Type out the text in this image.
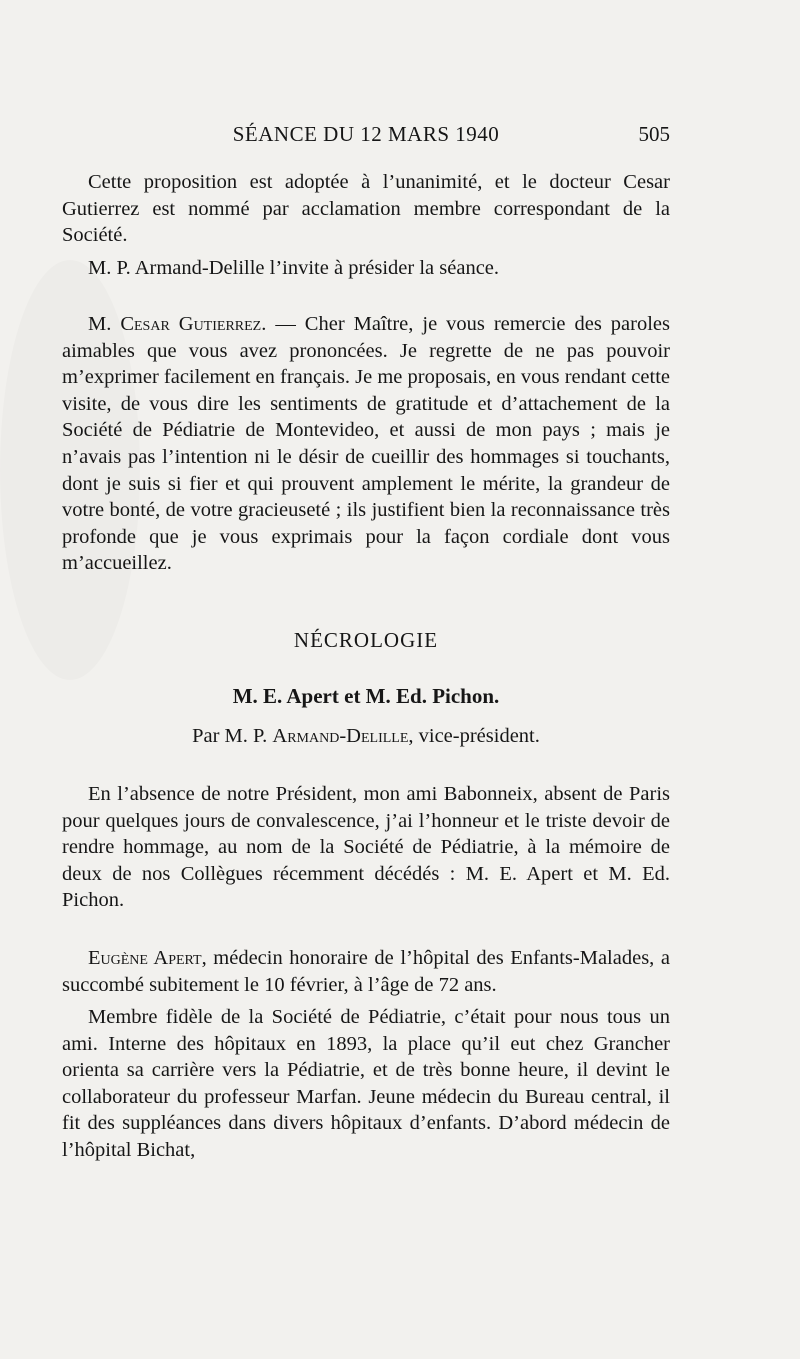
SÉANCE DU 12 MARS 1940	505

Cette proposition est adoptée à l’unanimité, et le docteur Cesar Gutierrez est nommé par acclamation membre correspondant de la Société.

M. P. Armand-Delille l’invite à présider la séance.

M. Cesar Gutierrez. — Cher Maître, je vous remercie des paroles aimables que vous avez prononcées. Je regrette de ne pas pouvoir m’exprimer facilement en français. Je me proposais, en vous rendant cette visite, de vous dire les sentiments de gratitude et d’attachement de la Société de Pédiatrie de Montevideo, et aussi de mon pays ; mais je n’avais pas l’intention ni le désir de cueillir des hommages si touchants, dont je suis si fier et qui prouvent amplement le mérite, la grandeur de votre bonté, de votre gracieuseté ; ils justifient bien la reconnaissance très profonde que je vous exprimais pour la façon cordiale dont vous m’accueillez.

NÉCROLOGIE

M. E. Apert et M. Ed. Pichon.

Par M. P. Armand-Delille, vice-président.

En l’absence de notre Président, mon ami Babonneix, absent de Paris pour quelques jours de convalescence, j’ai l’honneur et le triste devoir de rendre hommage, au nom de la Société de Pédiatrie, à la mémoire de deux de nos Collègues récemment décédés : M. E. Apert et M. Ed. Pichon.

Eugène Apert, médecin honoraire de l’hôpital des Enfants-Malades, a succombé subitement le 10 février, à l’âge de 72 ans.

Membre fidèle de la Société de Pédiatrie, c’était pour nous tous un ami. Interne des hôpitaux en 1893, la place qu’il eut chez Grancher orienta sa carrière vers la Pédiatrie, et de très bonne heure, il devint le collaborateur du professeur Marfan. Jeune médecin du Bureau central, il fit des suppléances dans divers hôpitaux d’enfants. D’abord médecin de l’hôpital Bichat,
